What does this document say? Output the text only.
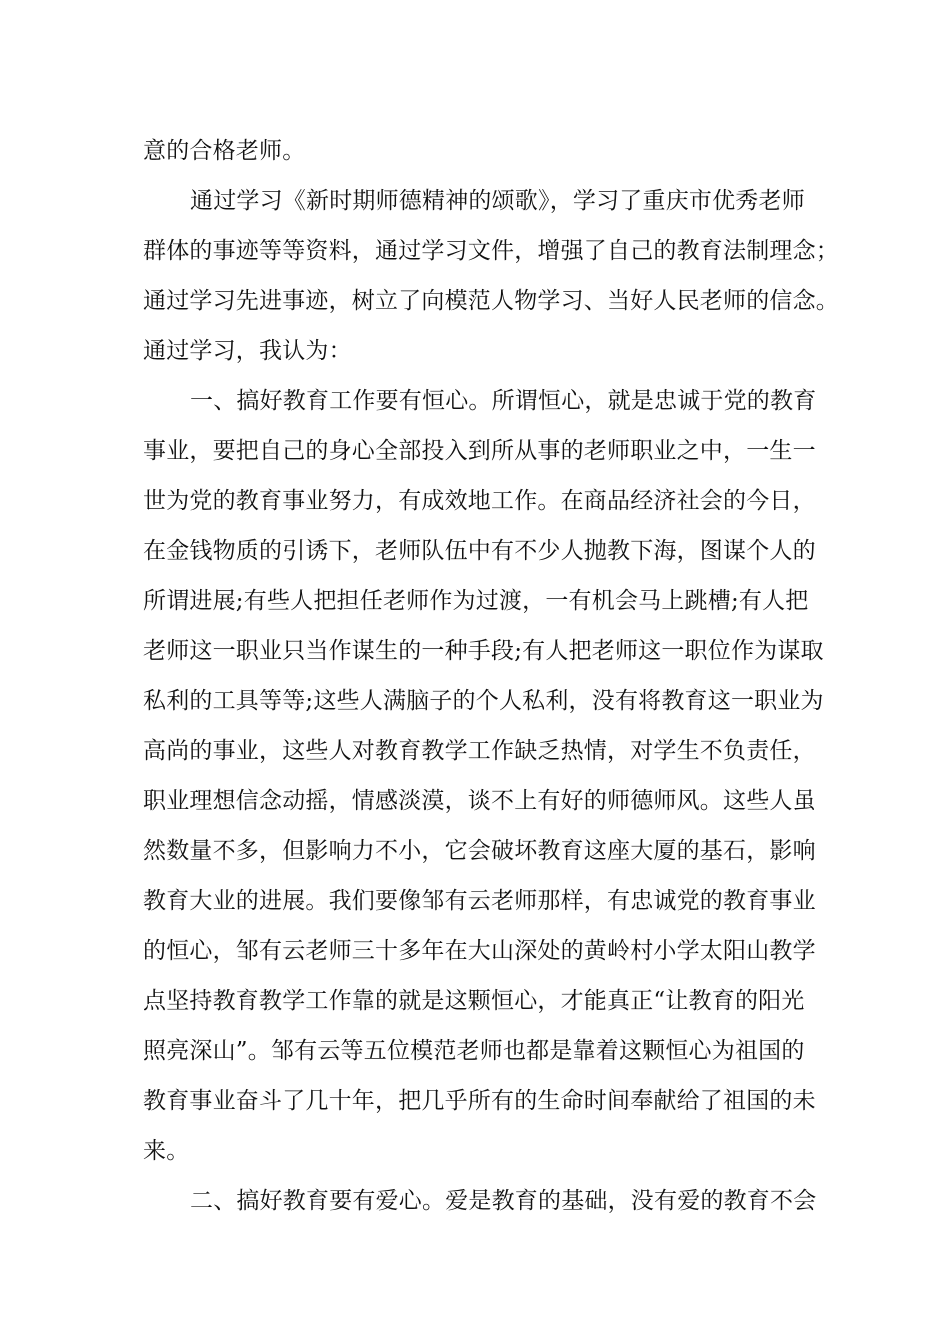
意的合格老师。

通过学习《新时期师德精神的颂歌》，学习了重庆市优秀老师

群体的事迹等等资料，通过学习文件，增强了自己的教育法制理念；

通过学习先进事迹，树立了向模范人物学习、当好人民老师的信念。

通过学习，我认为：

一、搞好教育工作要有恒心。所谓恒心，就是忠诚于党的教育

事业，要把自己的身心全部投入到所从事的老师职业之中，一生一

世为党的教育事业努力，有成效地工作。在商品经济社会的今日，

在金钱物质的引诱下，老师队伍中有不少人抛教下海，图谋个人的

所谓进展;有些人把担任老师作为过渡，一有机会马上跳槽;有人把

老师这一职业只当作谋生的一种手段;有人把老师这一职位作为谋取

私利的工具等等;这些人满脑子的个人私利，没有将教育这一职业为

高尚的事业，这些人对教育教学工作缺乏热情，对学生不负责任，

职业理想信念动摇，情感淡漠，谈不上有好的师德师风。这些人虽

然数量不多，但影响力不小，它会破坏教育这座大厦的基石，影响

教育大业的进展。我们要像邹有云老师那样，有忠诚党的教育事业

的恒心，邹有云老师三十多年在大山深处的黄岭村小学太阳山教学

点坚持教育教学工作靠的就是这颗恒心，才能真正“让教育的阳光

照亮深山”。邹有云等五位模范老师也都是靠着这颗恒心为祖国的

教育事业奋斗了几十年，把几乎所有的生命时间奉献给了祖国的未

来。

二、搞好教育要有爱心。爱是教育的基础，没有爱的教育不会
